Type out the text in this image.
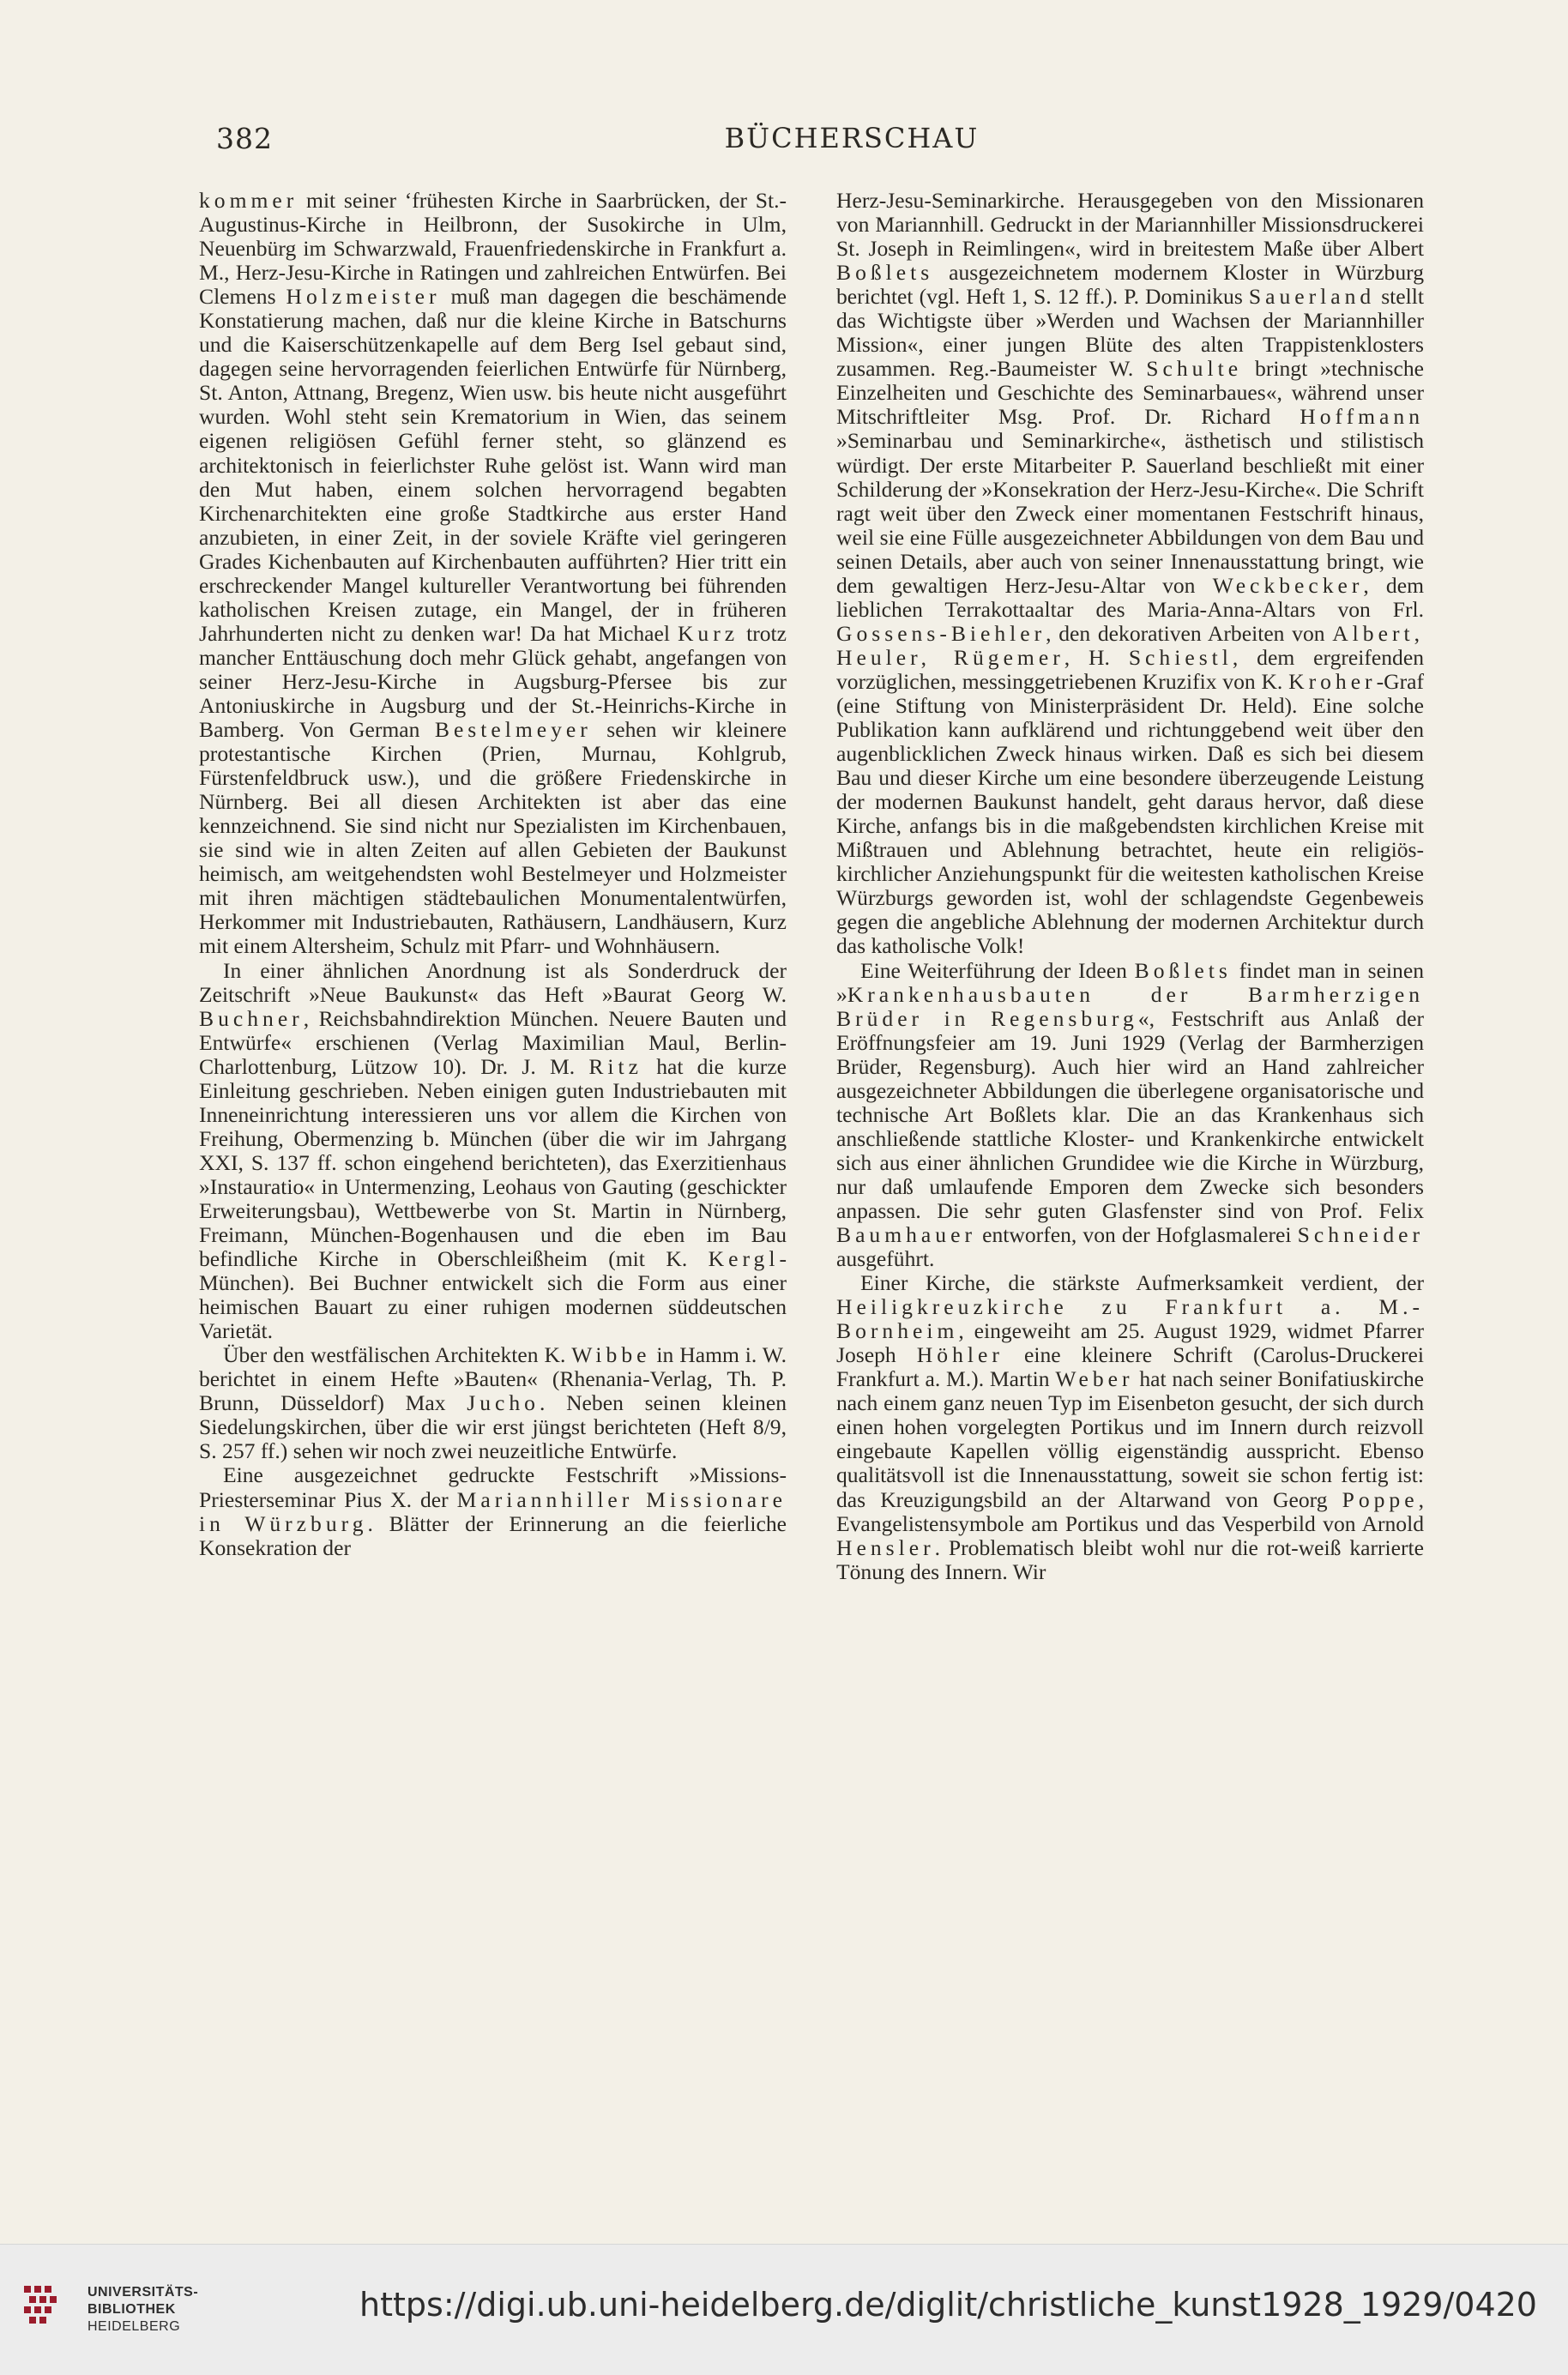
382	BÜCHERSCHAU

kommer mit seiner ‘frühesten Kirche in Saarbrücken, der St.-Augustinus-Kirche in Heilbronn, der Susokirche in Ulm, Neuenbürg im Schwarzwald, Frauenfriedenskirche in Frankfurt a. M., Herz-Jesu-Kirche in Ratingen und zahlreichen Entwürfen. Bei Clemens Holzmeister muß man dagegen die beschämende Konstatierung machen, daß nur die kleine Kirche in Batschurns und die Kaiserschützenkapelle auf dem Berg Isel gebaut sind, dagegen seine hervorragenden feierlichen Entwürfe für Nürnberg, St. Anton, Attnang, Bregenz, Wien usw. bis heute nicht ausgeführt wurden. Wohl steht sein Krematorium in Wien, das seinem eigenen religiösen Gefühl ferner steht, so glänzend es architektonisch in feierlichster Ruhe gelöst ist. Wann wird man den Mut haben, einem solchen hervorragend begabten Kirchenarchitekten eine große Stadtkirche aus erster Hand anzubieten, in einer Zeit, in der soviele Kräfte viel geringeren Grades Kichenbauten auf Kirchenbauten aufführten? Hier tritt ein erschreckender Mangel kultureller Verantwortung bei führenden katholischen Kreisen zutage, ein Mangel, der in früheren Jahrhunderten nicht zu denken war! Da hat Michael Kurz trotz mancher Enttäuschung doch mehr Glück gehabt, angefangen von seiner Herz-Jesu-Kirche in Augsburg-Pfersee bis zur Antoniuskirche in Augsburg und der St.-Heinrichs-Kirche in Bamberg. Von German Bestelmeyer sehen wir kleinere protestantische Kirchen (Prien, Murnau, Kohlgrub, Fürstenfeldbruck usw.), und die größere Friedenskirche in Nürnberg. Bei all diesen Architekten ist aber das eine kennzeichnend. Sie sind nicht nur Spezialisten im Kirchenbauen, sie sind wie in alten Zeiten auf allen Gebieten der Baukunst heimisch, am weitgehendsten wohl Bestelmeyer und Holzmeister mit ihren mächtigen städtebaulichen Monumentalentwürfen, Herkommer mit Industriebauten, Rathäusern, Landhäusern, Kurz mit einem Altersheim, Schulz mit Pfarr- und Wohnhäusern.

In einer ähnlichen Anordnung ist als Sonderdruck der Zeitschrift »Neue Baukunst« das Heft »Baurat Georg W. Buchner, Reichsbahndirektion München. Neuere Bauten und Entwürfe« erschienen (Verlag Maximilian Maul, Berlin-Charlottenburg, Lützow 10). Dr. J. M. Ritz hat die kurze Einleitung geschrieben. Neben einigen guten Industriebauten mit Inneneinrichtung interessieren uns vor allem die Kirchen von Freihung, Obermenzing b. München (über die wir im Jahrgang XXI, S. 137 ff. schon eingehend berichteten), das Exerzitienhaus »Instauratio« in Untermenzing, Leohaus von Gauting (geschickter Erweiterungsbau), Wettbewerbe von St. Martin in Nürnberg, Freimann, München-Bogenhausen und die eben im Bau befindliche Kirche in Oberschleißheim (mit K. Kergl-München). Bei Buchner entwickelt sich die Form aus einer heimischen Bauart zu einer ruhigen modernen süddeutschen Varietät.

Über den westfälischen Architekten K. Wibbe in Hamm i. W. berichtet in einem Hefte »Bauten« (Rhenania-Verlag, Th. P. Brunn, Düsseldorf) Max Jucho. Neben seinen kleinen Siedelungskirchen, über die wir erst jüngst berichteten (Heft 8/9, S. 257 ff.) sehen wir noch zwei neuzeitliche Entwürfe.

Eine ausgezeichnet gedruckte Festschrift »Missions-Priesterseminar Pius X. der Mariannhiller Missionare in Würzburg. Blätter der Erinnerung an die feierliche Konsekration der

Herz-Jesu-Seminarkirche. Herausgegeben von den Missionaren von Mariannhill. Gedruckt in der Mariannhiller Missionsdruckerei St. Joseph in Reimlingen«, wird in breitestem Maße über Albert Boßlets ausgezeichnetem modernem Kloster in Würzburg berichtet (vgl. Heft 1, S. 12 ff.). P. Dominikus Sauerland stellt das Wichtigste über »Werden und Wachsen der Mariannhiller Mission«, einer jungen Blüte des alten Trappistenklosters zusammen. Reg.-Baumeister W. Schulte bringt »technische Einzelheiten und Geschichte des Seminarbaues«, während unser Mitschriftleiter Msg. Prof. Dr. Richard Hoffmann »Seminarbau und Seminarkirche«, ästhetisch und stilistisch würdigt. Der erste Mitarbeiter P. Sauerland beschließt mit einer Schilderung der »Konsekration der Herz-Jesu-Kirche«. Die Schrift ragt weit über den Zweck einer momentanen Festschrift hinaus, weil sie eine Fülle ausgezeichneter Abbildungen von dem Bau und seinen Details, aber auch von seiner Innenausstattung bringt, wie dem gewaltigen Herz-Jesu-Altar von Weckbecker, dem lieblichen Terrakottaaltar des Maria-Anna-Altars von Frl. Gossens-Biehler, den dekorativen Arbeiten von Albert, Heuler, Rügemer, H. Schiestl, dem ergreifenden vorzüglichen, messinggetriebenen Kruzifix von K. Kroher-Graf (eine Stiftung von Ministerpräsident Dr. Held). Eine solche Publikation kann aufklärend und richtunggebend weit über den augenblicklichen Zweck hinaus wirken. Daß es sich bei diesem Bau und dieser Kirche um eine besondere überzeugende Leistung der modernen Baukunst handelt, geht daraus hervor, daß diese Kirche, anfangs bis in die maßgebendsten kirchlichen Kreise mit Mißtrauen und Ablehnung betrachtet, heute ein religiös-kirchlicher Anziehungspunkt für die weitesten katholischen Kreise Würzburgs geworden ist, wohl der schlagendste Gegenbeweis gegen die angebliche Ablehnung der modernen Architektur durch das katholische Volk!

Eine Weiterführung der Ideen Boßlets findet man in seinen »Krankenhausbauten der Barmherzigen Brüder in Regensburg«, Festschrift aus Anlaß der Eröffnungsfeier am 19. Juni 1929 (Verlag der Barmherzigen Brüder, Regensburg). Auch hier wird an Hand zahlreicher ausgezeichneter Abbildungen die überlegene organisatorische und technische Art Boßlets klar. Die an das Krankenhaus sich anschließende stattliche Kloster- und Krankenkirche entwickelt sich aus einer ähnlichen Grundidee wie die Kirche in Würzburg, nur daß umlaufende Emporen dem Zwecke sich besonders anpassen. Die sehr guten Glasfenster sind von Prof. Felix Baumhauer entworfen, von der Hofglasmalerei Schneider ausgeführt.

Einer Kirche, die stärkste Aufmerksamkeit verdient, der Heiligkreuzkirche zu Frankfurt a. M.-Bornheim, eingeweiht am 25. August 1929, widmet Pfarrer Joseph Höhler eine kleinere Schrift (Carolus-Druckerei Frankfurt a. M.). Martin Weber hat nach seiner Bonifatiuskirche nach einem ganz neuen Typ im Eisenbeton gesucht, der sich durch einen hohen vorgelegten Portikus und im Innern durch reizvoll eingebaute Kapellen völlig eigenständig ausspricht. Ebenso qualitätsvoll ist die Innenausstattung, soweit sie schon fertig ist: das Kreuzigungsbild an der Altarwand von Georg Poppe, Evangelistensymbole am Portikus und das Vesperbild von Arnold Hensler. Problematisch bleibt wohl nur die rot-weiß karrierte Tönung des Innern. Wir

UNIVERSITÄTS-
BIBLIOTHEK
HEIDELBERG
https://digi.ub.uni-heidelberg.de/diglit/christliche_kunst1928_1929/0420
